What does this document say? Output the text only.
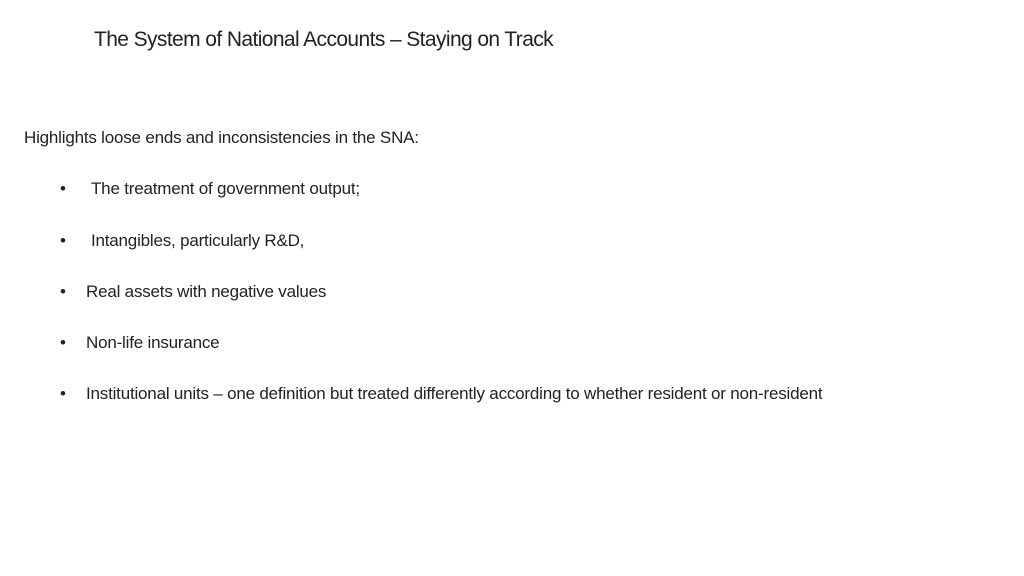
The System of National Accounts – Staying on Track
Highlights loose ends and inconsistencies in the SNA:
•	The treatment of government output;
•	Intangibles, particularly R&D,
•	Real assets with negative values
•	Non-life insurance
•	Institutional units – one definition but treated differently according to whether resident or non-resident
